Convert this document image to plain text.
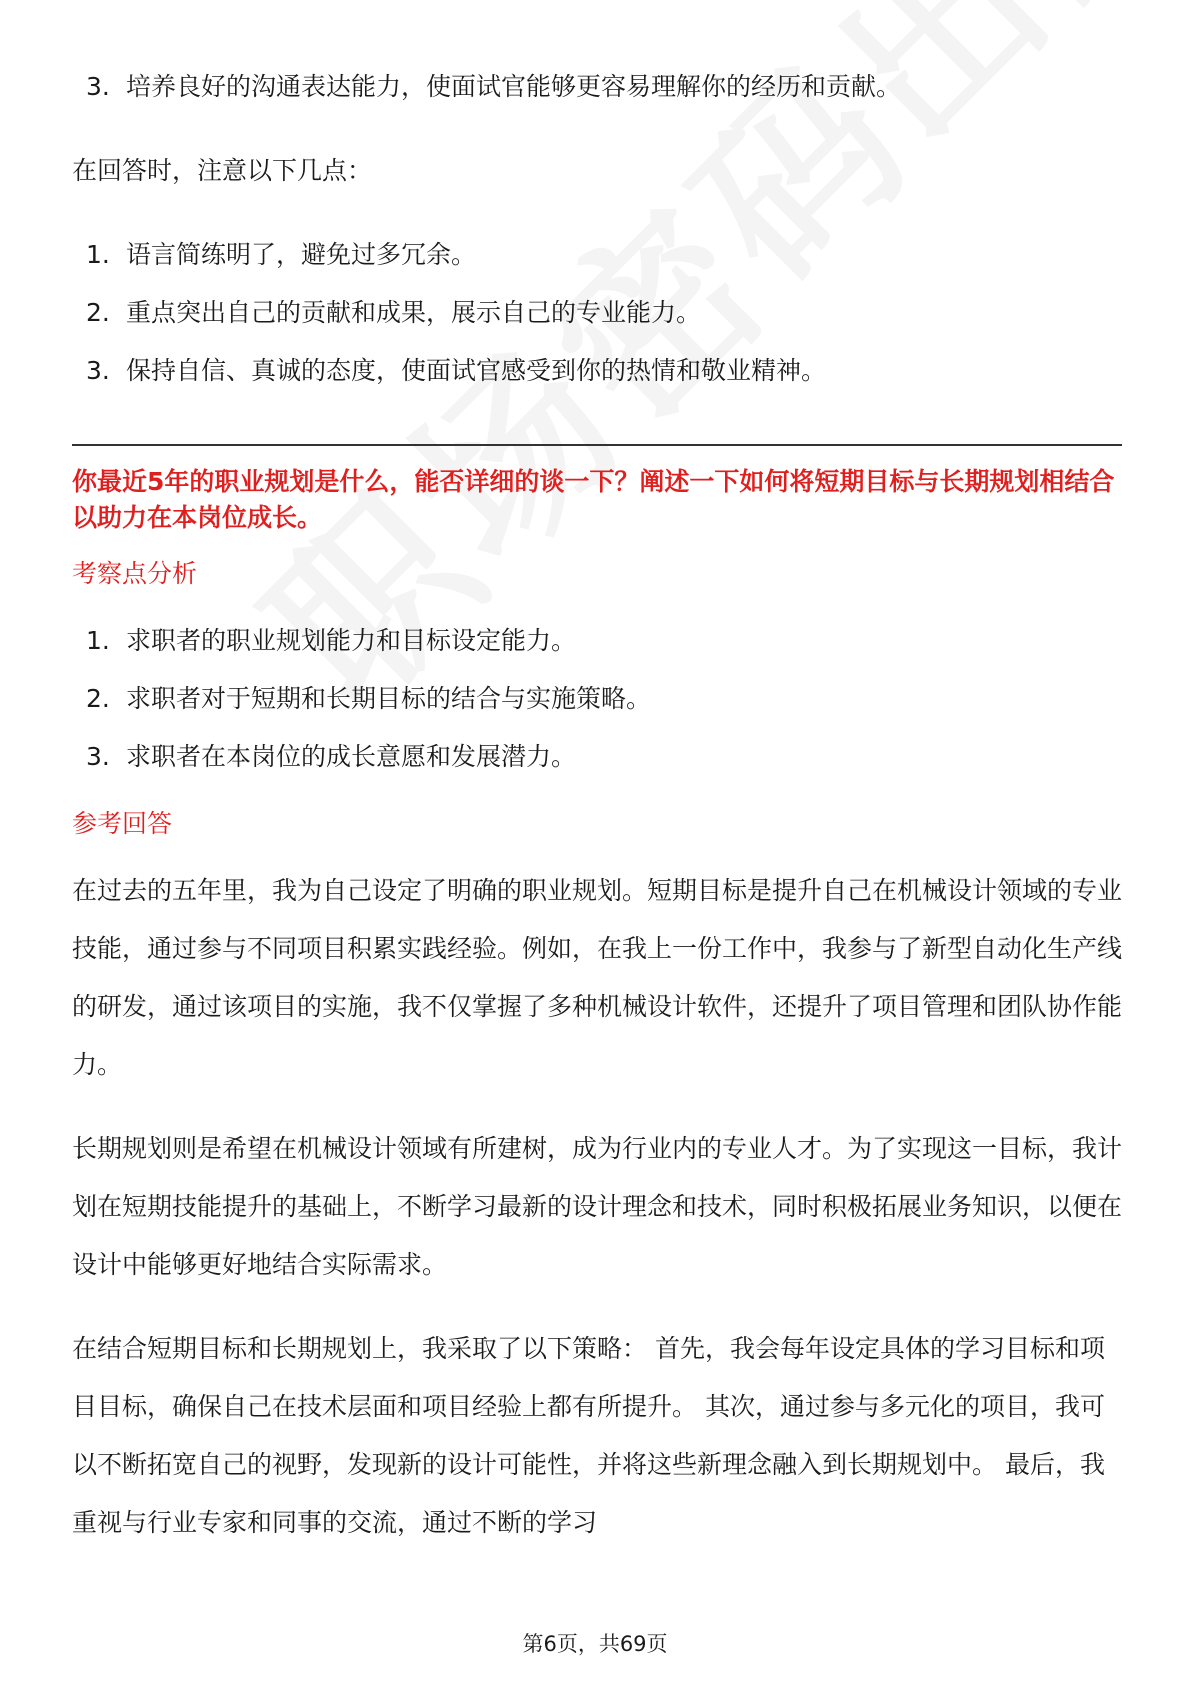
3. 培养良好的沟通表达能力，使面试官能够更容易理解你的经历和贡献。

在回答时，注意以下几点：

1. 语言简练明了，避免过多冗余。
2. 重点突出自己的贡献和成果，展示自己的专业能力。
3. 保持自信、真诚的态度，使面试官感受到你的热情和敬业精神。

你最近5年的职业规划是什么，能否详细的谈一下？阐述一下如何将短期目标与长期规划相结合以助力在本岗位成长。

考察点分析
1. 求职者的职业规划能力和目标设定能力。
2. 求职者对于短期和长期目标的结合与实施策略。
3. 求职者在本岗位的成长意愿和发展潜力。
参考回答

在过去的五年里，我为自己设定了明确的职业规划。短期目标是提升自己在机械设计领域的专业技能，通过参与不同项目积累实践经验。例如，在我上一份工作中，我参与了新型自动化生产线的研发，通过该项目的实施，我不仅掌握了多种机械设计软件，还提升了项目管理和团队协作能力。

长期规划则是希望在机械设计领域有所建树，成为行业内的专业人才。为了实现这一目标，我计划在短期技能提升的基础上，不断学习最新的设计理念和技术，同时积极拓展业务知识，以便在设计中能够更好地结合实际需求。

在结合短期目标和长期规划上，我采取了以下策略： 首先，我会每年设定具体的学习目标和项目目标，确保自己在技术层面和项目经验上都有所提升。 其次，通过参与多元化的项目，我可以不断拓宽自己的视野，发现新的设计可能性，并将这些新理念融入到长期规划中。 最后，我重视与行业专家和同事的交流，通过不断的学习

第6页，共69页
